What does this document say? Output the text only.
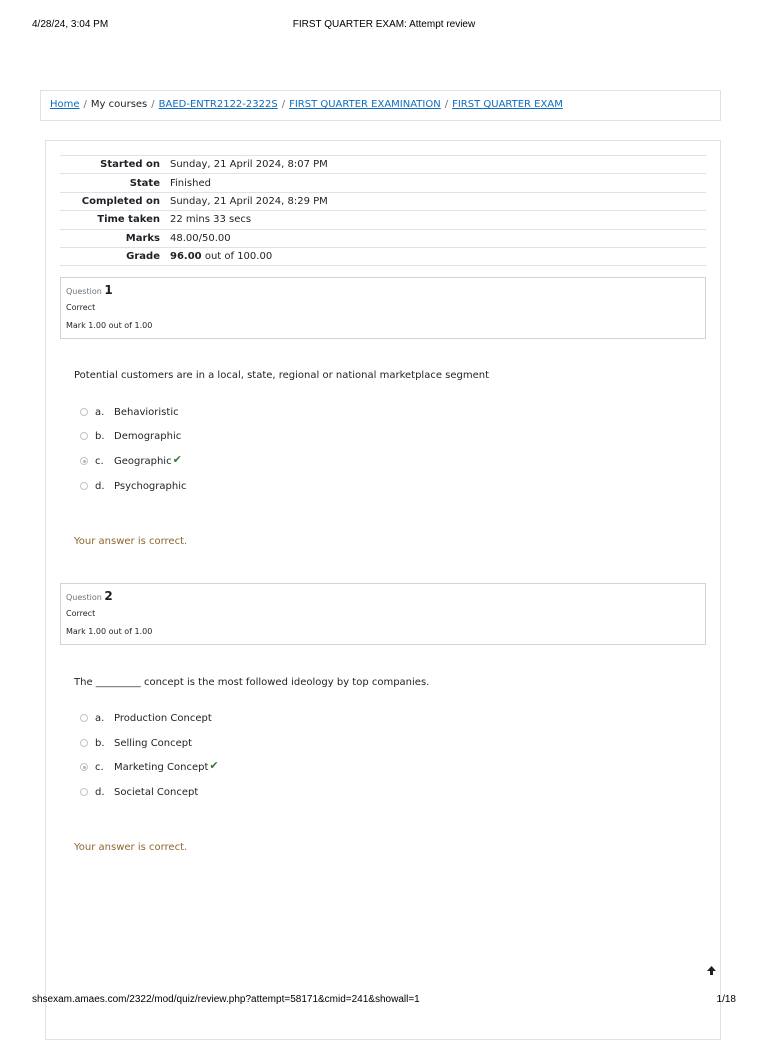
4/28/24, 3:04 PM	FIRST QUARTER EXAM: Attempt review
Home / My courses / BAED-ENTR2122-2322S / FIRST QUARTER EXAMINATION / FIRST QUARTER EXAM
Started on	Sunday, 21 April 2024, 8:07 PM
State	Finished
Completed on	Sunday, 21 April 2024, 8:29 PM
Time taken	22 mins 33 secs
Marks	48.00/50.00
Grade	96.00 out of 100.00
Question 1
Correct
Mark 1.00 out of 1.00
Potential customers are in a local, state, regional or national marketplace segment
a. Behavioristic
b. Demographic
c.	Geographic ✔
d. Psychographic
Your answer is correct.
Question 2
Correct
Mark 1.00 out of 1.00
The _________ concept is the most followed ideology by top companies.
a. Production Concept
b. Selling Concept
c.	Marketing Concept ✔
d. Societal Concept
Your answer is correct.
shsexam.amaes.com/2322/mod/quiz/review.php?attempt=58171&cmid=241&showall=1	1/18
